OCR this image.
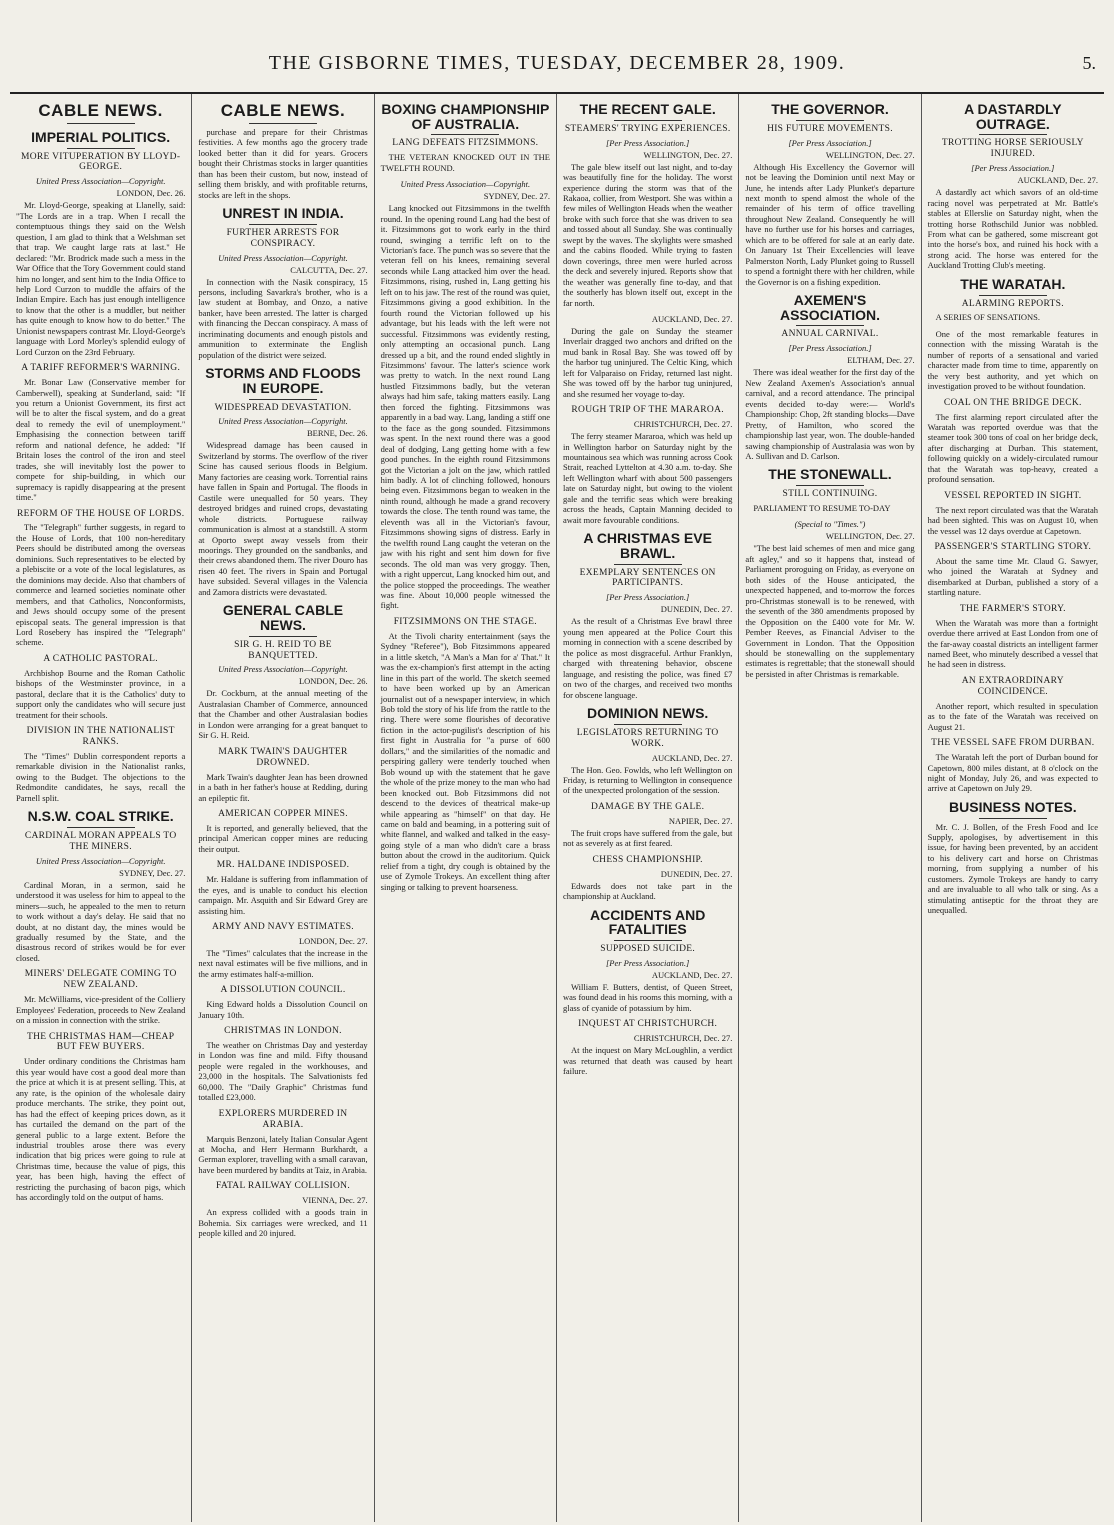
THE GISBORNE TIMES, TUESDAY, DECEMBER 28, 1909.	5.
CABLE NEWS.
IMPERIAL POLITICS.
MORE VITUPERATION BY LLOYD-GEORGE.
United Press Association—Copyright.
LONDON, Dec. 26.

Mr. Lloyd-George, speaking at Llanelly, said: "The Lords are in a trap. When I recall the contemptuous things they said on the Welsh question, I am glad to think that a Welshman set that trap. We caught large rats at last." He declared: "Mr. Brodrick made such a mess in the War Office that the Tory Government could stand him no longer, and sent him to the India Office to help Lord Curzon to muddle the affairs of the Indian Empire. Each has just enough intelligence to know that the other is a muddler, but neither has quite enough to know how to do better." The Unionist newspapers contrast Mr. Lloyd-George's language with Lord Morley's splendid eulogy of Lord Curzon on the 23rd February.

A TARIFF REFORMER'S WARNING.

Mr. Bonar Law (Conservative member for Camberwell), speaking at Sunderland, said: "If you return a Unionist Government, its first act will be to alter the fiscal system, and do a great deal to remedy the evil of unemployment." Emphasising the connection between tariff reform and national defence, he added: "If Britain loses the control of the iron and steel trades, she will inevitably lost the power to compete for ship-building, in which our supremacy is rapidly disappearing at the present time."

REFORM OF THE HOUSE OF LORDS.

The "Telegraph" further suggests, in regard to the House of Lords, that 100 non-hereditary Peers should be distributed among the overseas dominions. Such representatives to be elected by a plebiscite or a vote of the local legislatures, as the dominions may decide. Also that chambers of commerce and learned societies nominate other members, and that Catholics, Nonconformists, and Jews should occupy some of the present episcopal seats. The general impression is that Lord Rosebery has inspired the "Telegraph" scheme.

A CATHOLIC PASTORAL.

Archbishop Bourne and the Roman Catholic bishops of the Westminster province, in a pastoral, declare that it is the Catholics' duty to support only the candidates who will secure just treatment for their schools.

DIVISION IN THE NATIONALIST RANKS.

The "Times" Dublin correspondent reports a remarkable division in the Nationalist ranks, owing to the Budget. The objections to the Redmondite candidates, he says, recall the Parnell split.

N.S.W. COAL STRIKE.
CARDINAL MORAN APPEALS TO THE MINERS.
United Press Association—Copyright.
SYDNEY, Dec. 27.

Cardinal Moran, in a sermon, said he understood it was useless for him to appeal to the miners—such, he appealed to the men to return to work without a day's delay. He said that no doubt, at no distant day, the mines would be gradually resumed by the State, and the disastrous record of strikes would be for ever closed.

MINERS' DELEGATE COMING TO NEW ZEALAND.

Mr. McWilliams, vice-president of the Colliery Employees' Federation, proceeds to New Zealand on a mission in connection with the strike.

THE CHRISTMAS HAM—CHEAP BUT FEW BUYERS.

Under ordinary conditions the Christmas ham this year would have cost a good deal more than the price at which it is at present selling. This, at any rate, is the opinion of the wholesale dairy produce merchants. The strike, they point out, has had the effect of keeping prices down, as it has curtailed the demand on the part of the general public to a large extent. Before the industrial troubles arose there was every indication that big prices were going to rule at Christmas time, because the value of pigs, this year, has been high, having the effect of restricting the purchasing of bacon pigs, which has accordingly told on the output of hams.

CABLE NEWS.

purchase and prepare for their Christmas festivities. A few months ago the grocery trade looked better than it did for years. Grocers bought their Christmas stocks in larger quantities than has been their custom, but now, instead of selling them briskly, and with profitable returns, stocks are left in the shops.

UNREST IN INDIA.
FURTHER ARRESTS FOR CONSPIRACY.
United Press Association—Copyright.
CALCUTTA, Dec. 27.

In connection with the Nasik conspiracy, 15 persons, including Savarkra's brother, who is a law student at Bombay, and Onzo, a native banker, have been arrested. The latter is charged with financing the Deccan conspiracy. A mass of incriminating documents and enough pistols and ammunition to exterminate the English population of the district were seized.

STORMS AND FLOODS IN EUROPE.
WIDESPREAD DEVASTATION.
United Press Association—Copyright.
BERNE, Dec. 26.

Widespread damage has been caused in Switzerland by storms. The overflow of the river Scine has caused serious floods in Belgium. Many factories are ceasing work. Torrential rains have fallen in Spain and Portugal. The floods in Castile were unequalled for 50 years. They destroyed bridges and ruined crops, devastating whole districts. Portuguese railway communication is almost at a standstill. A storm at Oporto swept away vessels from their moorings. They grounded on the sandbanks, and their crews abandoned them. The river Douro has risen 40 feet. The rivers in Spain and Portugal have subsided. Several villages in the Valencia and Zamora districts were devastated.

GENERAL CABLE NEWS.
SIR G. H. REID TO BE BANQUETTED.
United Press Association—Copyright.
LONDON, Dec. 26.

Dr. Cockburn, at the annual meeting of the Australasian Chamber of Commerce, announced that the Chamber and other Australasian bodies in London were arranging for a great banquet to Sir G. H. Reid.

MARK TWAIN'S DAUGHTER DROWNED.

Mark Twain's daughter Jean has been drowned in a bath in her father's house at Redding, during an epileptic fit.

AMERICAN COPPER MINES.

It is reported, and generally believed, that the principal American copper mines are reducing their output.

MR. HALDANE INDISPOSED.

Mr. Haldane is suffering from inflammation of the eyes, and is unable to conduct his election campaign. Mr. Asquith and Sir Edward Grey are assisting him.

ARMY AND NAVY ESTIMATES.
LONDON, Dec. 27.

The "Times" calculates that the increase in the next naval estimates will be five millions, and in the army estimates half-a-million.

A DISSOLUTION COUNCIL.

King Edward holds a Dissolution Council on January 10th.

CHRISTMAS IN LONDON.

The weather on Christmas Day and yesterday in London was fine and mild. Fifty thousand people were regaled in the workhouses, and 23,000 in the hospitals. The Salvationists fed 60,000. The "Daily Graphic" Christmas fund totalled £23,000.

EXPLORERS MURDERED IN ARABIA.

Marquis Benzoni, lately Italian Consular Agent at Mocha, and Herr Hermann Burkhardt, a German explorer, travelling with a small caravan, have been murdered by bandits at Taiz, in Arabia.

FATAL RAILWAY COLLISION.
VIENNA, Dec. 27.

An express collided with a goods train in Bohemia. Six carriages were wrecked, and 11 people killed and 20 injured.

BOXING CHAMPIONSHIP OF AUSTRALIA.
LANG DEFEATS FITZSIMMONS.

THE VETERAN KNOCKED OUT IN THE TWELFTH ROUND.

United Press Association—Copyright.
SYDNEY, Dec. 27.

Lang knocked out Fitzsimmons in the twelfth round. In the opening round Lang had the best of it. Fitzsimmons got to work early in the third round, swinging a terrific left on to the Victorian's face. The punch was so severe that the veteran fell on his knees, remaining several seconds while Lang attacked him over the head. Fitzsimmons, rising, rushed in, Lang getting his left on to his jaw. The rest of the round was quiet, Fitzsimmons giving a good exhibition. In the fourth round the Victorian followed up his advantage, but his leads with the left were not successful. Fitzsimmons was evidently resting, only attempting an occasional punch. Lang dressed up a bit, and the round ended slightly in Fitzsimmons' favour. The latter's science work was pretty to watch. In the next round Lang hustled Fitzsimmons badly, but the veteran always had him safe, taking matters easily. Lang then forced the fighting. Fitzsimmons was apparently in a bad way. Lang, landing a stiff one to the face as the gong sounded. Fitzsimmons was spent. In the next round there was a good deal of dodging, Lang getting home with a few good punches. In the eighth round Fitzsimmons got the Victorian a jolt on the jaw, which rattled him badly. A lot of clinching followed, honours being even. Fitzsimmons began to weaken in the ninth round, although he made a grand recovery towards the close. The tenth round was tame, the eleventh was all in the Victorian's favour, Fitzsimmons showing signs of distress. Early in the twelfth round Lang caught the veteran on the jaw with his right and sent him down for five seconds. The old man was very groggy. Then, with a right uppercut, Lang knocked him out, and the police stopped the proceedings. The weather was fine. About 10,000 people witnessed the fight.

FITZSIMMONS ON THE STAGE.

At the Tivoli charity entertainment (says the Sydney "Referee"), Bob Fitzsimmons appeared in a little sketch, "A Man's a Man for a' That." It was the ex-champion's first attempt in the acting line in this part of the world. The sketch seemed to have been worked up by an American journalist out of a newspaper interview, in which Bob told the story of his life from the rattle to the ring. There were some flourishes of decorative fiction in the actor-pugilist's description of his first fight in Australia for "a purse of 600 dollars," and the similarities of the nomadic and perspiring gallery were tenderly touched when Bob wound up with the statement that he gave the whole of the prize money to the man who had been knocked out. Bob Fitzsimmons did not descend to the devices of theatrical make-up while appearing as "himself" on that day. He came on bald and beaming, in a pottering suit of white flannel, and walked and talked in the easy-going style of a man who didn't care a brass button about the crowd in the auditorium. Quick relief from a tight, dry cough is obtained by the use of Zymole Trokeys. An excellent thing after singing or talking to prevent hoarseness.

THE RECENT GALE.
STEAMERS' TRYING EXPERIENCES.
[Per Press Association.]
WELLINGTON, Dec. 27.

The gale blew itself out last night, and to-day was beautifully fine for the holiday. The worst experience during the storm was that of the Rakaoa, collier, from Westport. She was within a few miles of Wellington Heads when the weather broke with such force that she was driven to sea and tossed about all Sunday. She was continually swept by the waves. The skylights were smashed and the cabins flooded. While trying to fasten down coverings, three men were hurled across the deck and severely injured. Reports show that the weather was generally fine to-day, and that the southerly has blown itself out, except in the far north.

AUCKLAND, Dec. 27.

During the gale on Sunday the steamer Inverlair dragged two anchors and drifted on the mud bank in Rosal Bay. She was towed off by the harbor tug uninjured. The Celtic King, which left for Valparaiso on Friday, returned last night. She was towed off by the harbor tug uninjured, and she resumed her voyage to-day.

ROUGH TRIP OF THE MARAROA.
CHRISTCHURCH, Dec. 27.

The ferry steamer Mararoa, which was held up in Wellington harbor on Saturday night by the mountainous sea which was running across Cook Strait, reached Lyttelton at 4.30 a.m. to-day. She left Wellington wharf with about 500 passengers late on Saturday night, but owing to the violent gale and the terrific seas which were breaking across the heads, Captain Manning decided to await more favourable conditions.

A CHRISTMAS EVE BRAWL.
EXEMPLARY SENTENCES ON PARTICIPANTS.
[Per Press Association.]
DUNEDIN, Dec. 27.

As the result of a Christmas Eve brawl three young men appeared at the Police Court this morning in connection with a scene described by the police as most disgraceful. Arthur Franklyn, charged with threatening behavior, obscene language, and resisting the police, was fined £7 on two of the charges, and received two months for obscene language.

DOMINION NEWS.
LEGISLATORS RETURNING TO WORK.
AUCKLAND, Dec. 27.

The Hon. Geo. Fowlds, who left Wellington on Friday, is returning to Wellington in consequence of the unexpected prolongation of the session.

DAMAGE BY THE GALE.
NAPIER, Dec. 27.

The fruit crops have suffered from the gale, but not as severely as at first feared.

CHESS CHAMPIONSHIP.
DUNEDIN, Dec. 27.

Edwards does not take part in the championship at Auckland.

ACCIDENTS AND FATALITIES
SUPPOSED SUICIDE.
[Per Press Association.]
AUCKLAND, Dec. 27.

William F. Butters, dentist, of Queen Street, was found dead in his rooms this morning, with a glass of cyanide of potassium by him.

INQUEST AT CHRISTCHURCH.
CHRISTCHURCH, Dec. 27.

At the inquest on Mary McLoughlin, a verdict was returned that death was caused by heart failure.

THE GOVERNOR.
HIS FUTURE MOVEMENTS.
[Per Press Association.]
WELLINGTON, Dec. 27.

Although His Excellency the Governor will not be leaving the Dominion until next May or June, he intends after Lady Plunket's departure next month to spend almost the whole of the remainder of his term of office travelling throughout New Zealand. Consequently he will have no further use for his horses and carriages, which are to be offered for sale at an early date. On January 1st Their Excellencies will leave Palmerston North, Lady Plunket going to Russell to spend a fortnight there with her children, while the Governor is on a fishing expedition.

AXEMEN'S ASSOCIATION.
ANNUAL CARNIVAL.
[Per Press Association.]
ELTHAM, Dec. 27.

There was ideal weather for the first day of the New Zealand Axemen's Association's annual carnival, and a record attendance. The principal events decided to-day were:— World's Championship: Chop, 2ft standing blocks—Dave Pretty, of Hamilton, who scored the championship last year, won. The double-handed sawing championship of Australasia was won by A. Sullivan and D. Carlson.

THE STONEWALL.
STILL CONTINUING.

PARLIAMENT TO RESUME TO-DAY

(Special to "Times.")
WELLINGTON, Dec. 27.

"The best laid schemes of men and mice gang aft agley," and so it happens that, instead of Parliament proroguing on Friday, as everyone on both sides of the House anticipated, the unexpected happened, and to-morrow the forces pro-Christmas stonewall is to be renewed, with the seventh of the 380 amendments proposed by the Opposition on the £400 vote for Mr. W. Pember Reeves, as Financial Adviser to the Government in London. That the Opposition should be stonewalling on the supplementary estimates is regrettable; that the stonewall should be persisted in after Christmas is remarkable.

A DASTARDLY OUTRAGE.
TROTTING HORSE SERIOUSLY INJURED.
[Per Press Association.]
AUCKLAND, Dec. 27.

A dastardly act which savors of an old-time racing novel was perpetrated at Mr. Battle's stables at Ellerslie on Saturday night, when the trotting horse Rothschild Junior was nobbled. From what can be gathered, some miscreant got into the horse's box, and ruined his hock with a strong acid. The horse was entered for the Auckland Trotting Club's meeting.

THE WARATAH.
ALARMING REPORTS.

A SERIES OF SENSATIONS.

One of the most remarkable features in connection with the missing Waratah is the number of reports of a sensational and varied character made from time to time, apparently on the very best authority, and yet which on investigation proved to be without foundation.

COAL ON THE BRIDGE DECK.

The first alarming report circulated after the Waratah was reported overdue was that the steamer took 300 tons of coal on her bridge deck, after discharging at Durban. This statement, following quickly on a widely-circulated rumour that the Waratah was top-heavy, created a profound sensation.

VESSEL REPORTED IN SIGHT.

The next report circulated was that the Waratah had been sighted. This was on August 10, when the vessel was 12 days overdue at Capetown.

PASSENGER'S STARTLING STORY.

About the same time Mr. Claud G. Sawyer, who joined the Waratah at Sydney and disembarked at Durban, published a story of a startling nature.

THE FARMER'S STORY.

When the Waratah was more than a fortnight overdue there arrived at East London from one of the far-away coastal districts an intelligent farmer named Beet, who minutely described a vessel that he had seen in distress.

AN EXTRAORDINARY COINCIDENCE.

Another report, which resulted in speculation as to the fate of the Waratah was received on August 21.

THE VESSEL SAFE FROM DURBAN.

The Waratah left the port of Durban bound for Capetown, 800 miles distant, at 8 o'clock on the night of Monday, July 26, and was expected to arrive at Capetown on July 29.

BUSINESS NOTES.

Mr. C. J. Bollen, of the Fresh Food and Ice Supply, apologises, by advertisement in this issue, for having been prevented, by an accident to his delivery cart and horse on Christmas morning, from supplying a number of his customers. Zymole Trokeys are handy to carry and are invaluable to all who talk or sing. As a stimulating antiseptic for the throat they are unequalled.
